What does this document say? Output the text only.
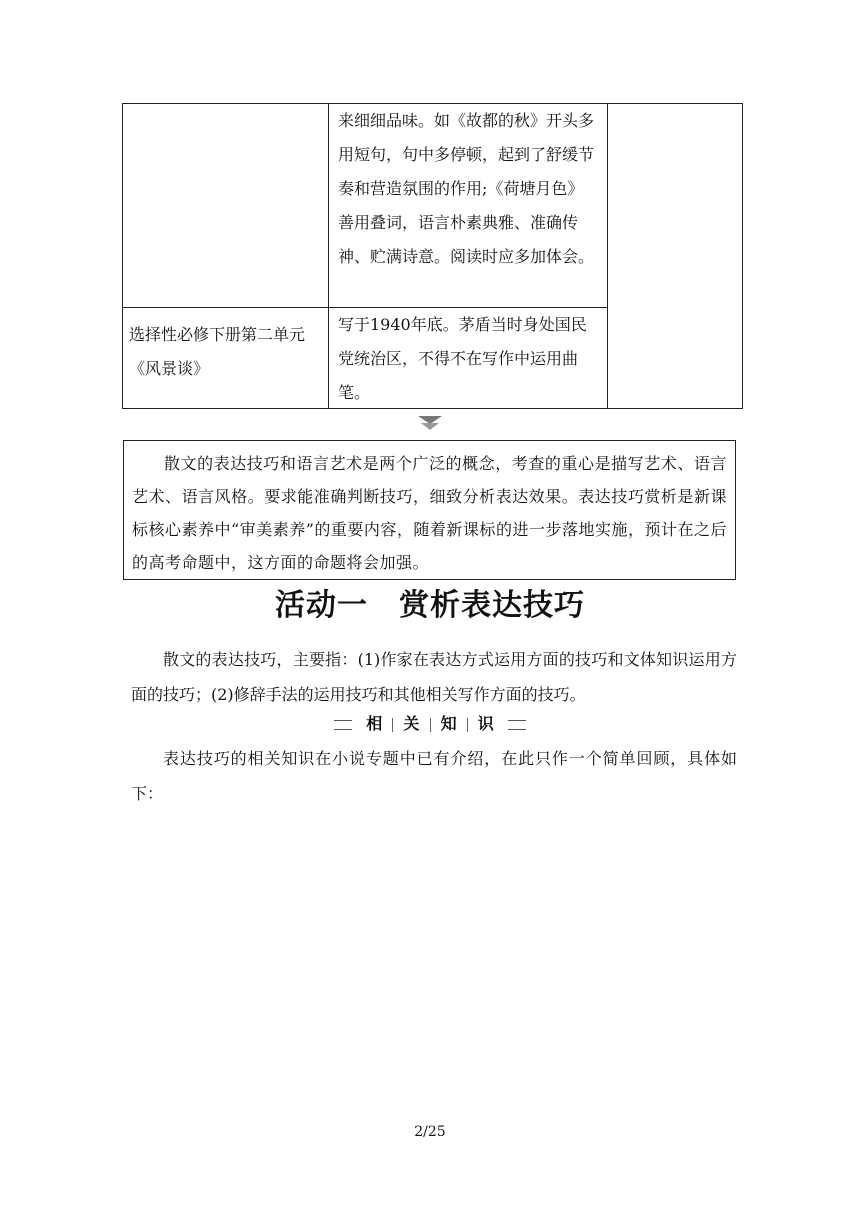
	来细细品味。如《故都的秋》开头多用短句，句中多停顿，起到了舒缓节奏和营造氛围的作用;《荷塘月色》善用叠词，语言朴素典雅、准确传神、贮满诗意。阅读时应多加体会。	

选择性必修下册第二单元《风景谈》	写于1940年底。茅盾当时身处国民党统治区，不得不在写作中运用曲笔。	

散文的表达技巧和语言艺术是两个广泛的概念，考查的重心是描写艺术、语言艺术、语言风格。要求能准确判断技巧，细致分析表达效果。表达技巧赏析是新课标核心素养中“审美素养”的重要内容，随着新课标的进一步落地实施，预计在之后的高考命题中，这方面的命题将会加强。

活动一　赏析表达技巧

散文的表达技巧，主要指：(1)作家在表达方式运用方面的技巧和文体知识运用方面的技巧；(2)修辞手法的运用技巧和其他相关写作方面的技巧。

相 关 知 识

表达技巧的相关知识在小说专题中已有介绍，在此只作一个简单回顾，具体如下：

2/25
